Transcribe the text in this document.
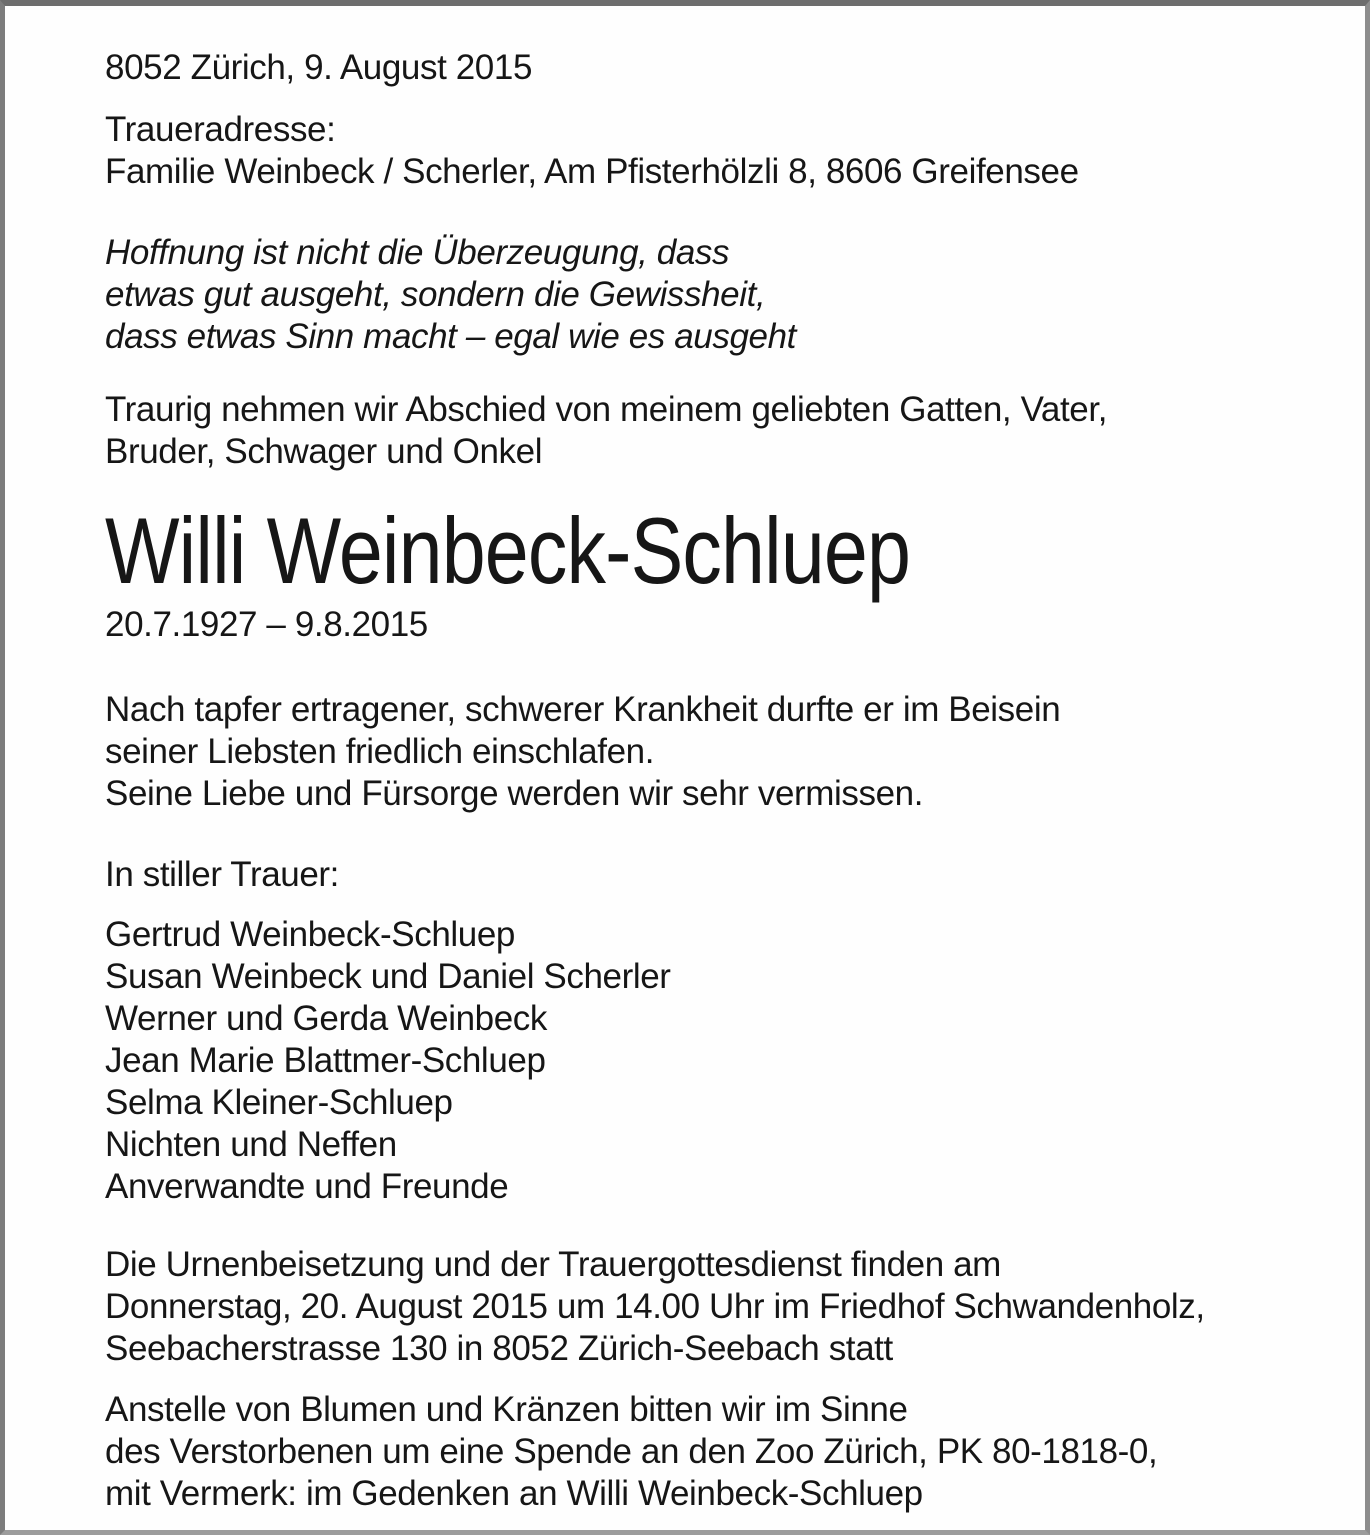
8052 Zürich, 9. August 2015
Traueradresse:
Familie Weinbeck / Scherler, Am Pfisterhölzli 8, 8606 Greifensee
Hoffnung ist nicht die Überzeugung, dass
etwas gut ausgeht, sondern die Gewissheit,
dass etwas Sinn macht – egal wie es ausgeht
Traurig nehmen wir Abschied von meinem geliebten Gatten, Vater,
Bruder, Schwager und Onkel
Willi Weinbeck-Schluep
20.7.1927 – 9.8.2015
Nach tapfer ertragener, schwerer Krankheit durfte er im Beisein
seiner Liebsten friedlich einschlafen.
Seine Liebe und Fürsorge werden wir sehr vermissen.
In stiller Trauer:
Gertrud Weinbeck-Schluep
Susan Weinbeck und Daniel Scherler
Werner und Gerda Weinbeck
Jean Marie Blattmer-Schluep
Selma Kleiner-Schluep
Nichten und Neffen
Anverwandte und Freunde
Die Urnenbeisetzung und der Trauergottesdienst finden am
Donnerstag, 20. August 2015 um 14.00 Uhr im Friedhof Schwandenholz,
Seebacherstrasse 130 in 8052 Zürich-Seebach statt
Anstelle von Blumen und Kränzen bitten wir im Sinne
des Verstorbenen um eine Spende an den Zoo Zürich, PK 80-1818-0,
mit Vermerk: im Gedenken an Willi Weinbeck-Schluep
